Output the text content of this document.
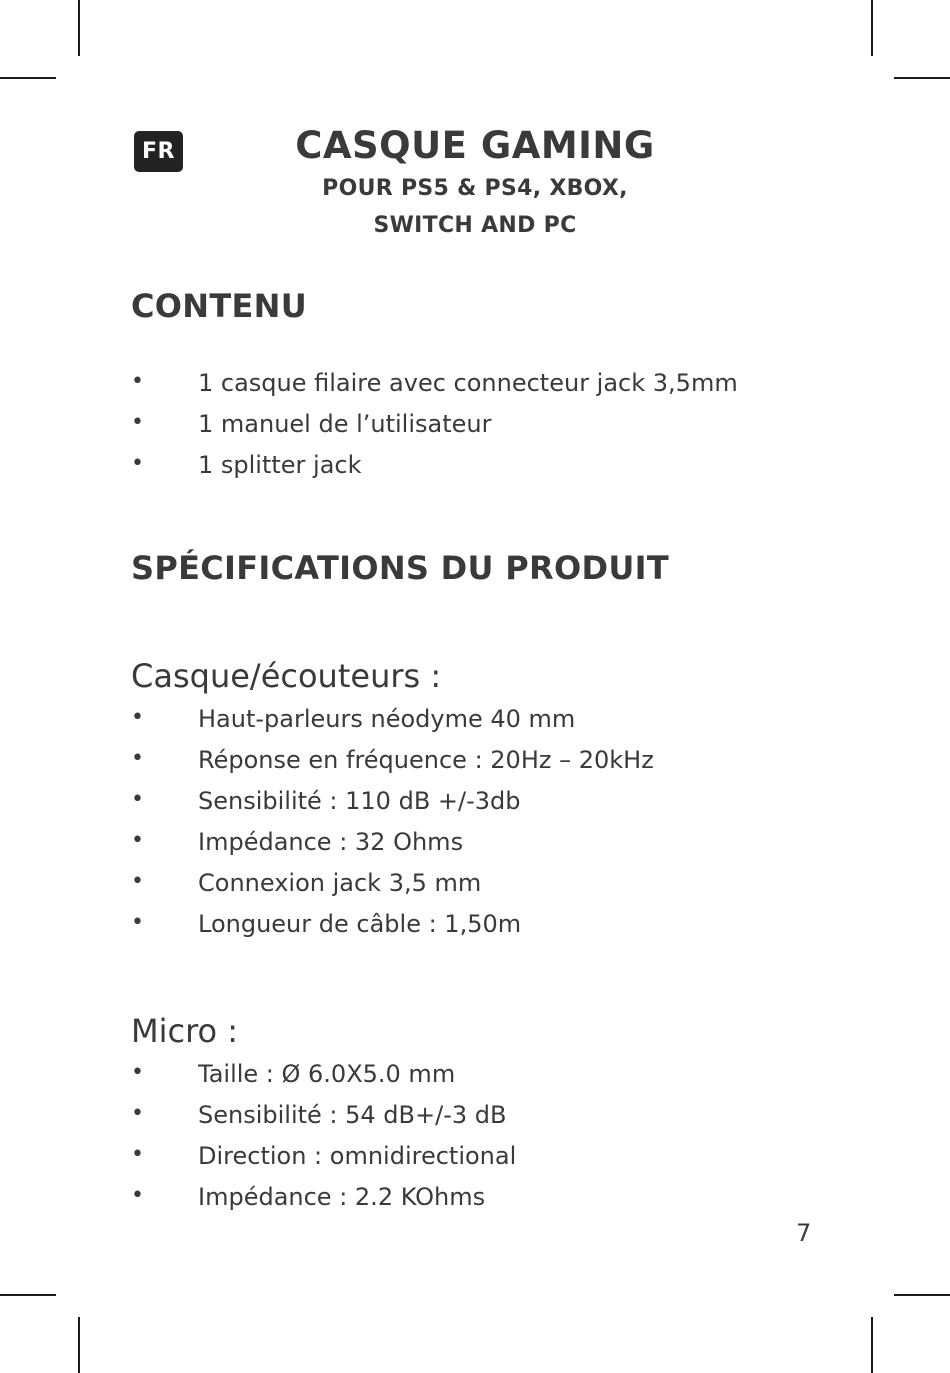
FR	CASQUE GAMING
POUR PS5 & PS4, XBOX,
SWITCH AND PC
CONTENU
• 1 casque filaire avec connecteur jack 3,5mm
• 1 manuel de l’utilisateur
• 1 splitter jack
SPÉCIFICATIONS DU PRODUIT
Casque/écouteurs :
• Haut-parleurs néodyme 40 mm
• Réponse en fréquence : 20Hz – 20kHz
• Sensibilité : 110 dB +/-3db
• Impédance : 32 Ohms
• Connexion jack 3,5 mm
• Longueur de câble : 1,50m
Micro :
• Taille : Ø 6.0X5.0 mm
• Sensibilité : 54 dB+/-3 dB
• Direction : omnidirectional
• Impédance : 2.2 KOhms
7
